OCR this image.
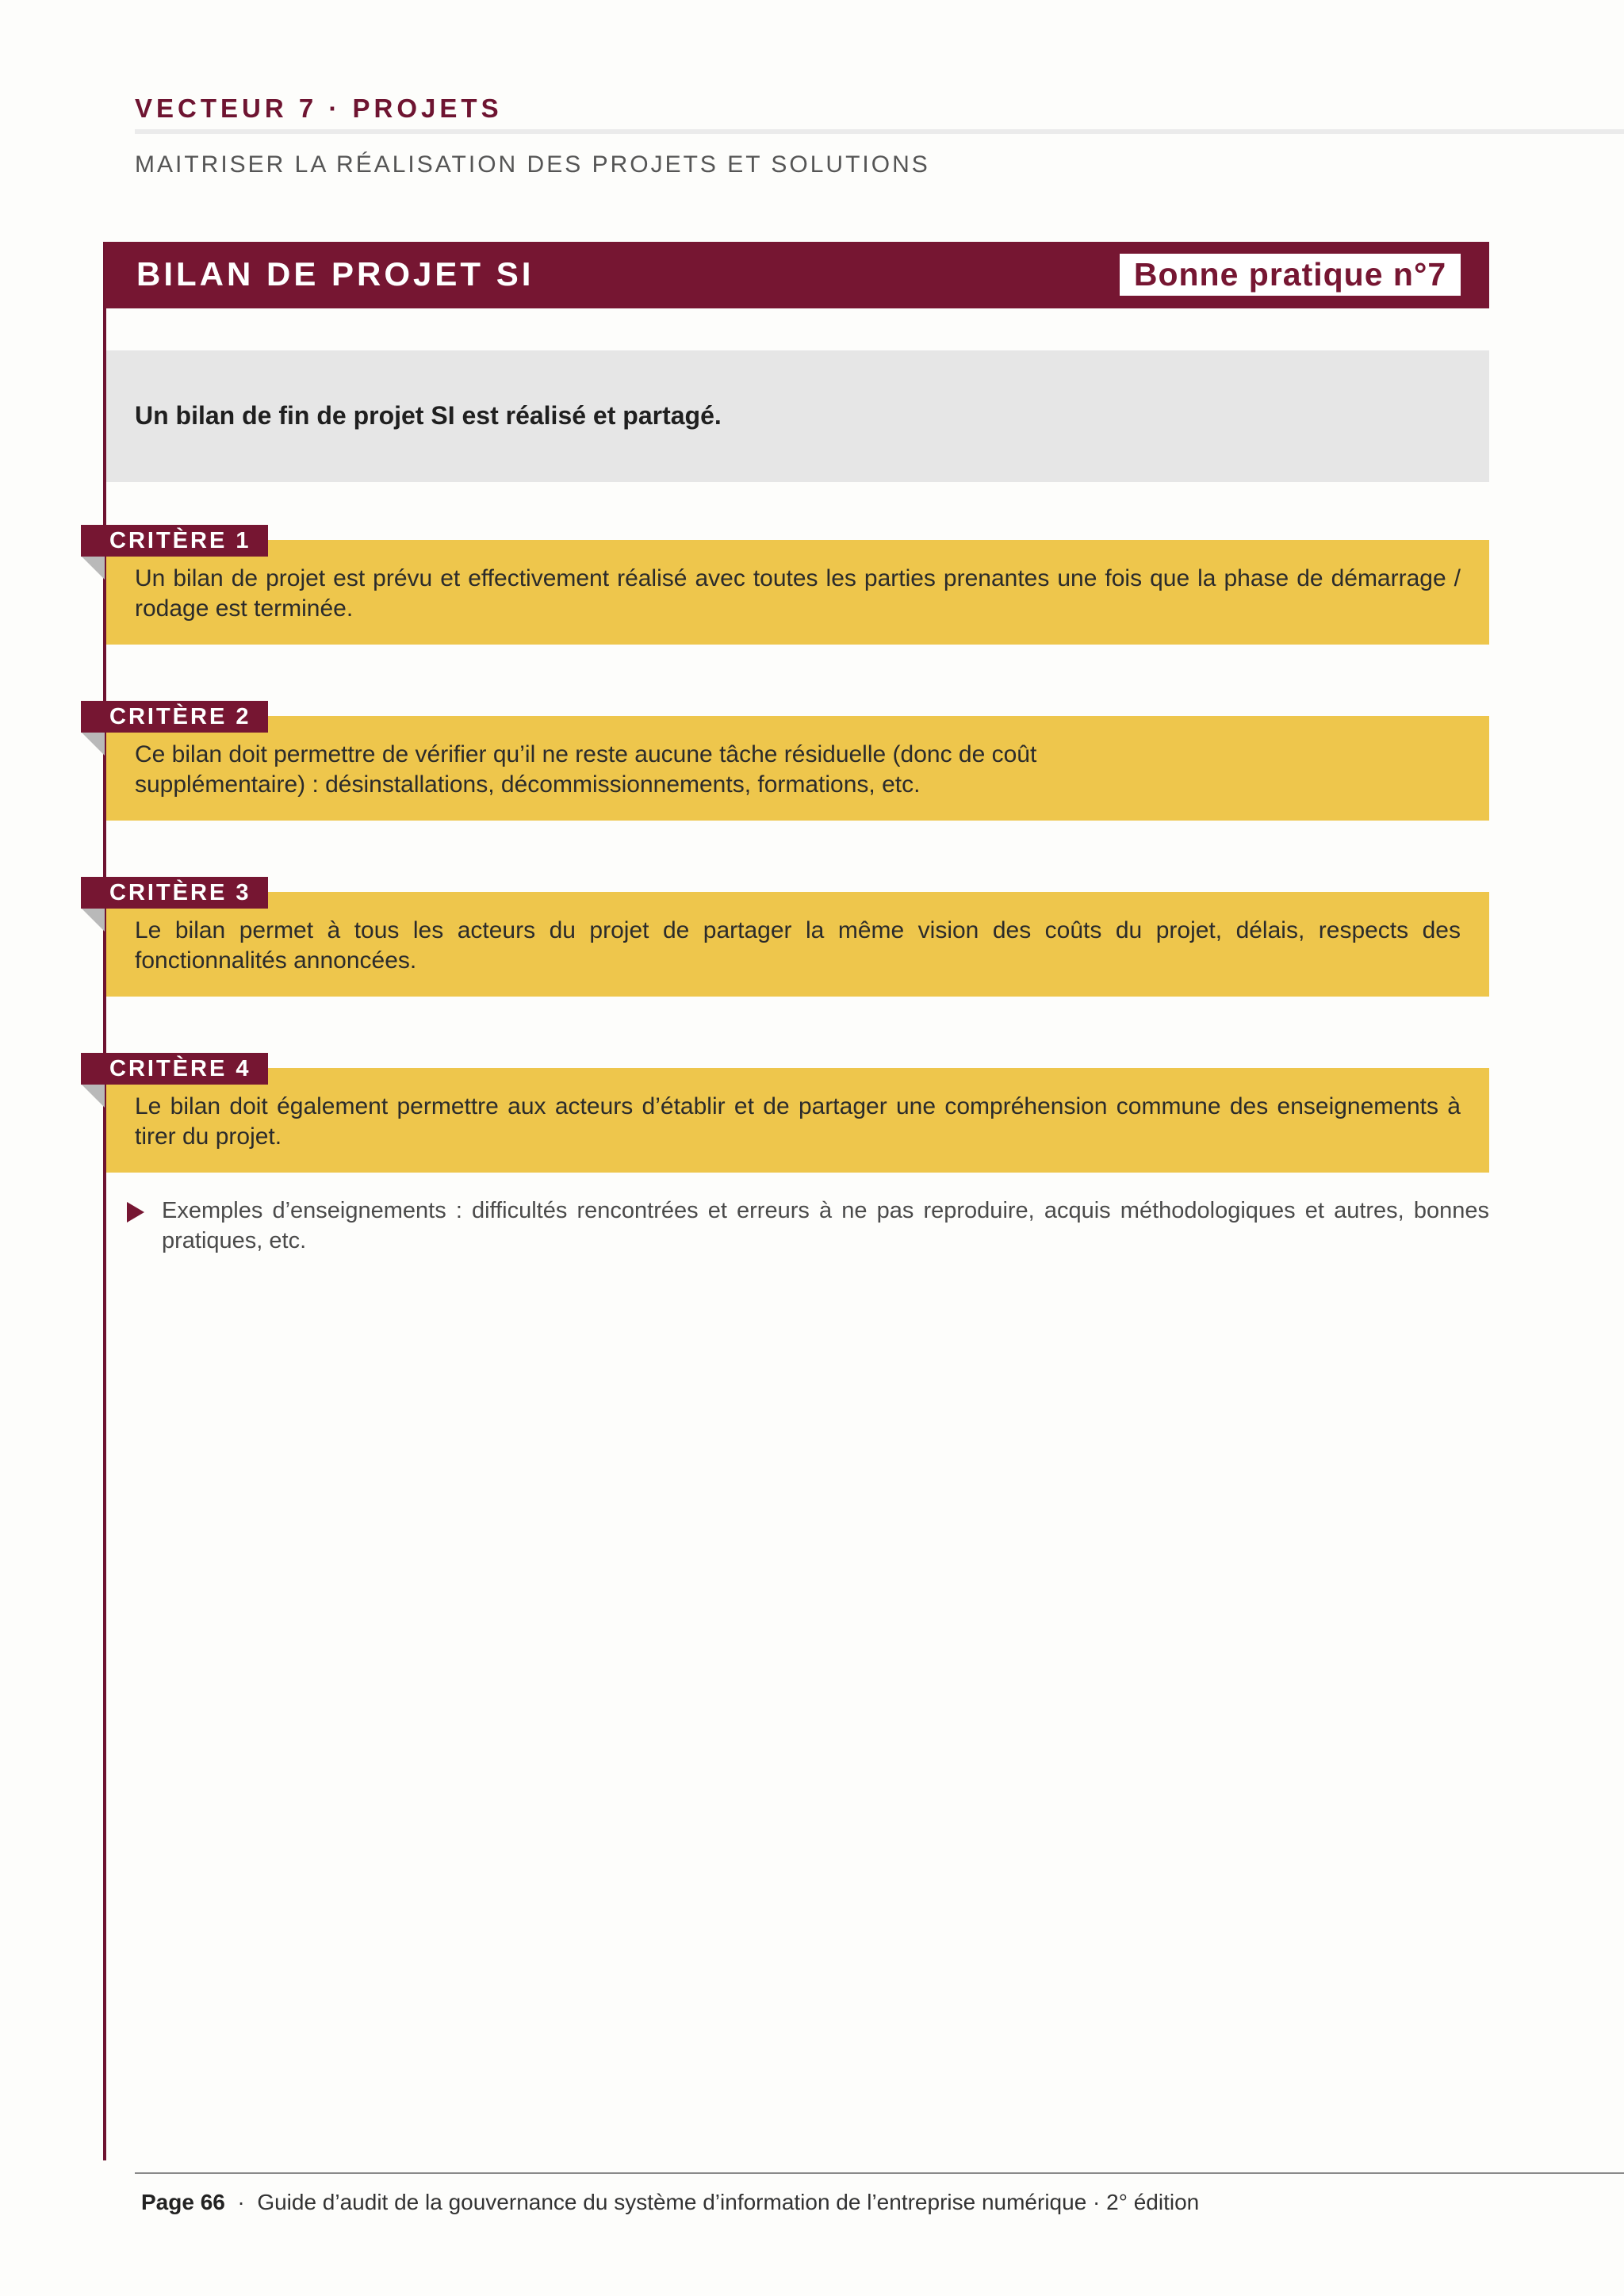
VECTEUR 7 · PROJETS
MAITRISER LA RÉALISATION DES PROJETS ET SOLUTIONS
BILAN DE PROJET SI	Bonne pratique n°7
Un bilan de fin de projet SI est réalisé et partagé.
CRITÈRE 1
Un bilan de projet est prévu et effectivement réalisé avec toutes les parties prenantes une fois que la phase de démarrage / rodage est terminée.
CRITÈRE 2
Ce bilan doit permettre de vérifier qu’il ne reste aucune tâche résiduelle (donc de coût supplémentaire) : désinstallations, décommissionnements, formations, etc.
CRITÈRE 3
Le bilan permet à tous les acteurs du projet de partager la même vision des coûts du projet, délais, respects des fonctionnalités annoncées.
CRITÈRE 4
Le bilan doit également permettre aux acteurs d’établir et de partager une compréhension commune des enseignements à tirer du projet.
Exemples d’enseignements : difficultés rencontrées et erreurs à ne pas reproduire, acquis méthodologiques et autres, bonnes pratiques, etc.
Page 66 · Guide d’audit de la gouvernance du système d’information de l’entreprise numérique · 2° édition
